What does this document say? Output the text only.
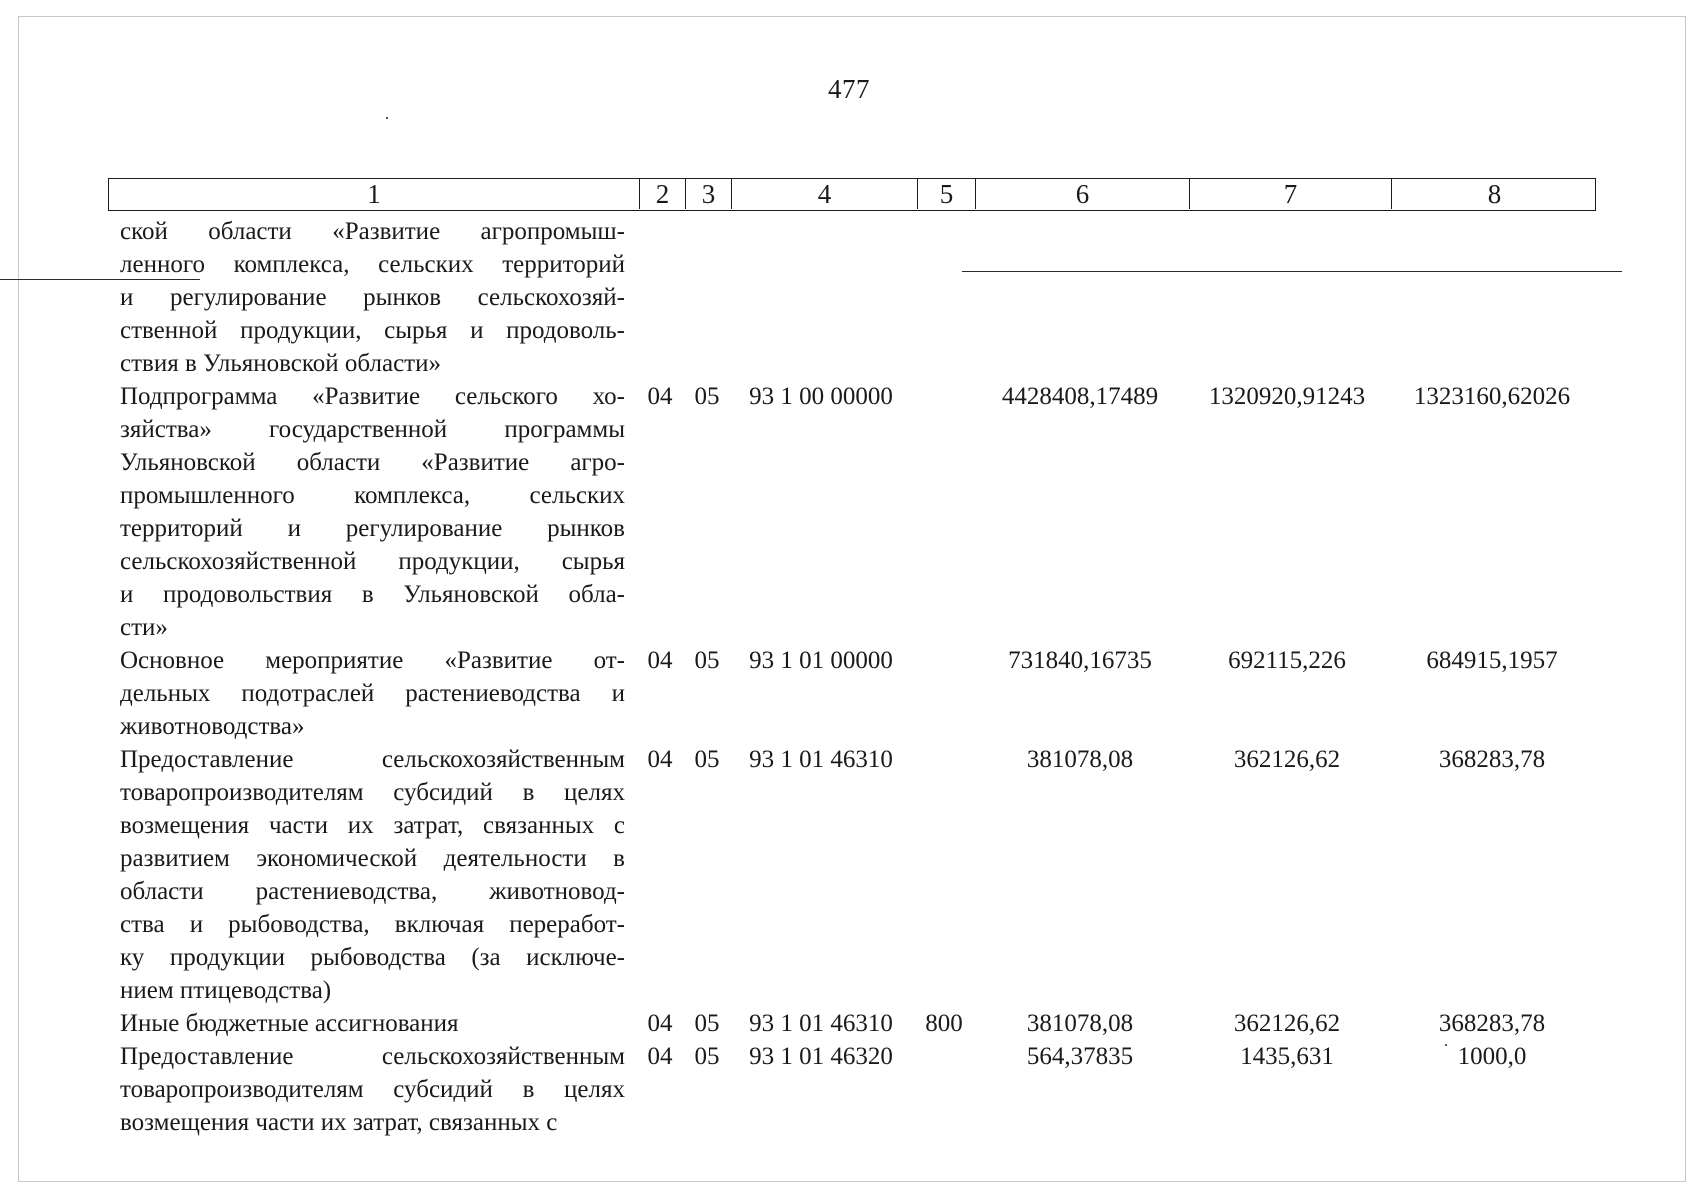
477
1	2	3	4	5	6	7	8
ской области «Развитие агропромыш-
ленного комплекса, сельских территорий
и регулирование рынков сельскохозяй-
ственной продукции, сырья и продоволь-
ствия в Ульяновской области»
Подпрограмма «Развитие сельского хо-
зяйства» государственной программы
Ульяновской области «Развитие агро-
промышленного комплекса, сельских
территорий и регулирование рынков
сельскохозяйственной продукции, сырья
и продовольствия в Ульяновской обла-
сти»
04 05	93 1 00 00000	4428408,17489	1320920,91243	1323160,62026
Основное мероприятие «Развитие от-
дельных подотраслей растениеводства и
животноводства»
04 05	93 1 01 00000	731840,16735	692115,226	684915,1957
Предоставление сельскохозяйственным
товаропроизводителям субсидий в целях
возмещения части их затрат, связанных с
развитием экономической деятельности в
области растениеводства, животновод-
ства и рыбоводства, включая переработ-
ку продукции рыбоводства (за исключе-
нием птицеводства)
04 05	93 1 01 46310	381078,08	362126,62	368283,78
Иные бюджетные ассигнования	04 05	93 1 01 46310	800	381078,08	362126,62	368283,78
Предоставление сельскохозяйственным
товаропроизводителям субсидий в целях
возмещения части их затрат, связанных с
04 05	93 1 01 46320	564,37835	1435,631	1000,0
